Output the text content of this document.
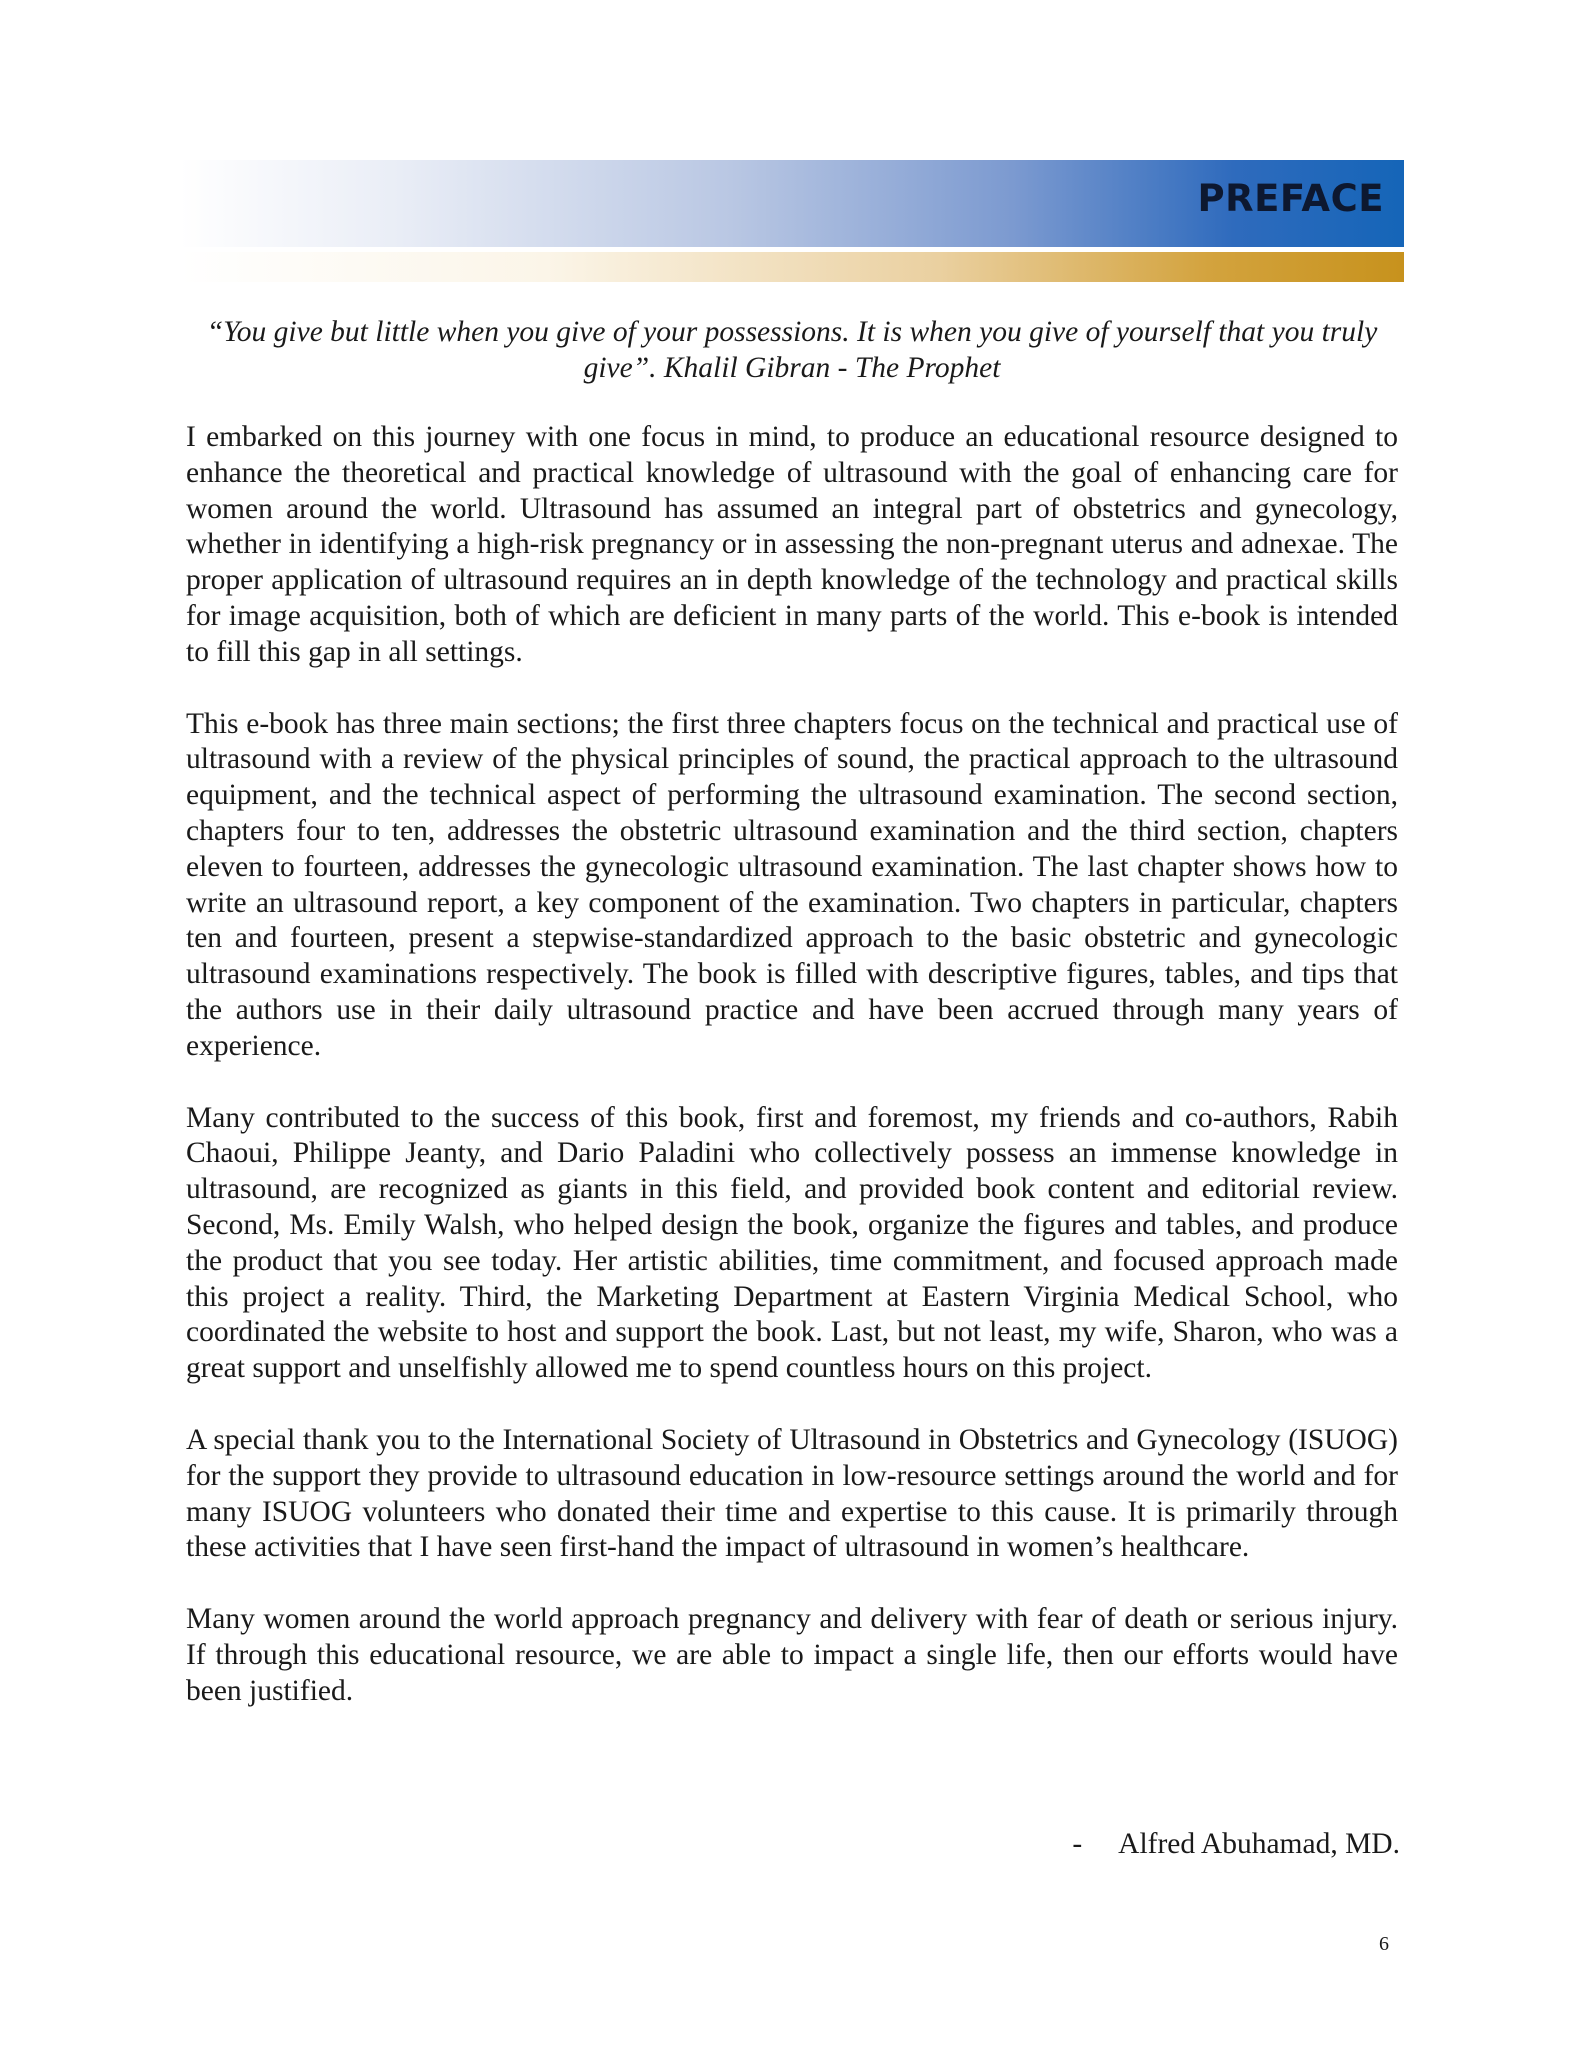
PREFACE

“You give but little when you give of your possessions. It is when you give of yourself that you truly give”. Khalil Gibran - The Prophet

I embarked on this journey with one focus in mind, to produce an educational resource designed to enhance the theoretical and practical knowledge of ultrasound with the goal of enhancing care for women around the world. Ultrasound has assumed an integral part of obstetrics and gynecology, whether in identifying a high-risk pregnancy or in assessing the non-pregnant uterus and adnexae. The proper application of ultrasound requires an in depth knowledge of the technology and practical skills for image acquisition, both of which are deficient in many parts of the world. This e-book is intended to fill this gap in all settings.

This e-book has three main sections; the first three chapters focus on the technical and practical use of ultrasound with a review of the physical principles of sound, the practical approach to the ultrasound equipment, and the technical aspect of performing the ultrasound examination. The second section, chapters four to ten, addresses the obstetric ultrasound examination and the third section, chapters eleven to fourteen, addresses the gynecologic ultrasound examination. The last chapter shows how to write an ultrasound report, a key component of the examination. Two chapters in particular, chapters ten and fourteen, present a stepwise-standardized approach to the basic obstetric and gynecologic ultrasound examinations respectively. The book is filled with descriptive figures, tables, and tips that the authors use in their daily ultrasound practice and have been accrued through many years of experience.

Many contributed to the success of this book, first and foremost, my friends and co-authors, Rabih Chaoui, Philippe Jeanty, and Dario Paladini who collectively possess an immense knowledge in ultrasound, are recognized as giants in this field, and provided book content and editorial review. Second, Ms. Emily Walsh, who helped design the book, organize the figures and tables, and produce the product that you see today. Her artistic abilities, time commitment, and focused approach made this project a reality. Third, the Marketing Department at Eastern Virginia Medical School, who coordinated the website to host and support the book. Last, but not least, my wife, Sharon, who was a great support and unselfishly allowed me to spend countless hours on this project.

A special thank you to the International Society of Ultrasound in Obstetrics and Gynecology (ISUOG) for the support they provide to ultrasound education in low-resource settings around the world and for many ISUOG volunteers who donated their time and expertise to this cause. It is primarily through these activities that I have seen first-hand the impact of ultrasound in women’s healthcare.

Many women around the world approach pregnancy and delivery with fear of death or serious injury. If through this educational resource, we are able to impact a single life, then our efforts would have been justified.

- Alfred Abuhamad, MD.
6
